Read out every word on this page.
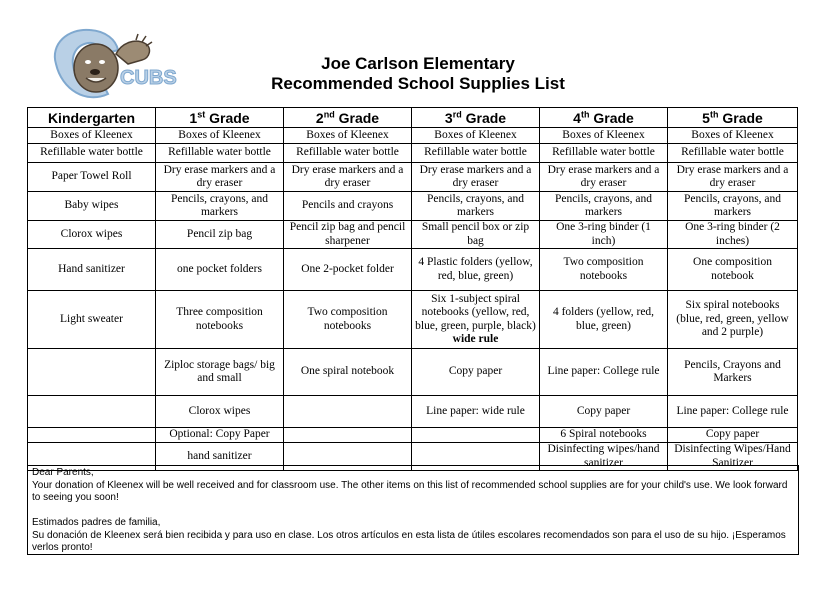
CUBS
Joe Carlson Elementary
Recommended School Supplies List
Kindergarten	1st Grade	2nd Grade	3rd Grade	4th Grade	5th Grade
Boxes of Kleenex	Boxes of Kleenex	Boxes of Kleenex	Boxes of Kleenex	Boxes of Kleenex	Boxes of Kleenex
Refillable water bottle	Refillable water bottle	Refillable water bottle	Refillable water bottle	Refillable water bottle	Refillable water bottle
Paper Towel Roll	Dry erase markers and a dry eraser	Dry erase markers and a dry eraser	Dry erase markers and a dry eraser	Dry erase markers and a dry eraser	Dry erase markers and a dry eraser
Baby wipes	Pencils, crayons, and markers	Pencils and crayons	Pencils, crayons, and markers	Pencils, crayons, and markers	Pencils, crayons, and markers
Clorox wipes	Pencil zip bag	Pencil zip bag and pencil sharpener	Small pencil box or zip bag	One 3-ring binder (1 inch)	One 3-ring binder (2 inches)
Hand sanitizer	one pocket folders	One 2-pocket folder	4 Plastic folders (yellow, red, blue, green)	Two composition notebooks	One composition notebook
Light sweater	Three composition notebooks	Two composition notebooks	Six 1-subject spiral notebooks (yellow, red, blue, green, purple, black) wide rule	4 folders (yellow, red, blue, green)	Six spiral notebooks (blue, red, green, yellow and 2 purple)
	Ziploc storage bags/ big and small	One spiral notebook	Copy paper	Line paper: College rule	Pencils, Crayons and Markers
	Clorox wipes		Line paper: wide rule	Copy paper	Line paper: College rule
	Optional: Copy Paper			6 Spiral notebooks	Copy paper
	hand sanitizer			Disinfecting wipes/hand sanitizer	Disinfecting Wipes/Hand Sanitizer

Dear Parents,

Your donation of Kleenex will be well received and for classroom use. The other items on this list of recommended school supplies are for your child's use. We look forward to seeing you soon!

Estimados padres de familia,

Su donación de Kleenex será bien recibida y para uso en clase. Los otros artículos en esta lista de útiles escolares recomendados son para el uso de su hijo. ¡Esperamos verlos pronto!
